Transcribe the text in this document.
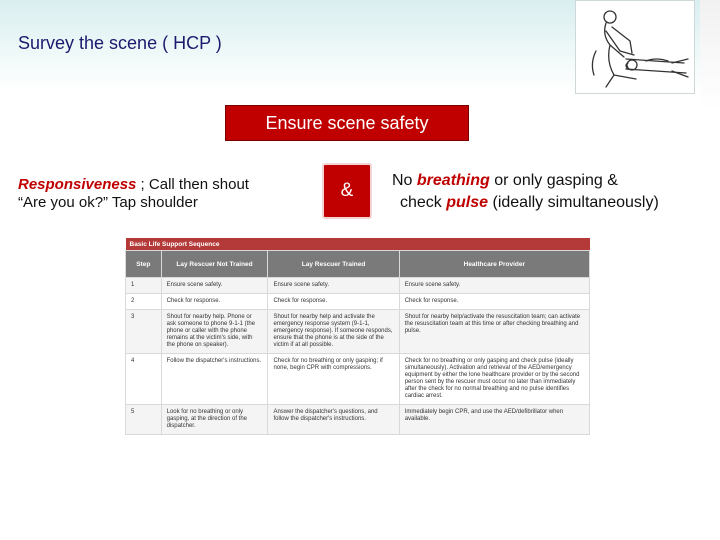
Survey the scene ( HCP )
Ensure scene safety
Responsiveness ; Call then shout
“Are you ok?” Tap shoulder
&	No breathing or only gasping &
check pulse (ideally simultaneously)
Basic Life Support Sequence			
Step	Lay Rescuer Not Trained	Lay Rescuer Trained	Healthcare Provider
1	Ensure scene safety.	Ensure scene safety.	Ensure scene safety.
2	Check for response.	Check for response.	Check for response.
3	Shout for nearby help. Phone or ask someone to phone 9-1-1 (the phone or caller with the phone remains at the victim's side, with the phone on speaker).	Shout for nearby help and activate the emergency response system (9-1-1, emergency response). If someone responds, ensure that the phone is at the side of the victim if at all possible.	Shout for nearby help/activate the resuscitation team; can activate the resuscitation team at this time or after checking breathing and pulse.
4	Follow the dispatcher's instructions.	Check for no breathing or only gasping; if none, begin CPR with compressions.	Check for no breathing or only gasping and check pulse (ideally simultaneously). Activation and retrieval of the AED/emergency equipment by either the lone healthcare provider or by the second person sent by the rescuer must occur no later than immediately after the check for no normal breathing and no pulse identifies cardiac arrest.
5	Look for no breathing or only gasping, at the direction of the dispatcher.	Answer the dispatcher's questions, and follow the dispatcher's instructions.	Immediately begin CPR, and use the AED/defibrillator when available.
